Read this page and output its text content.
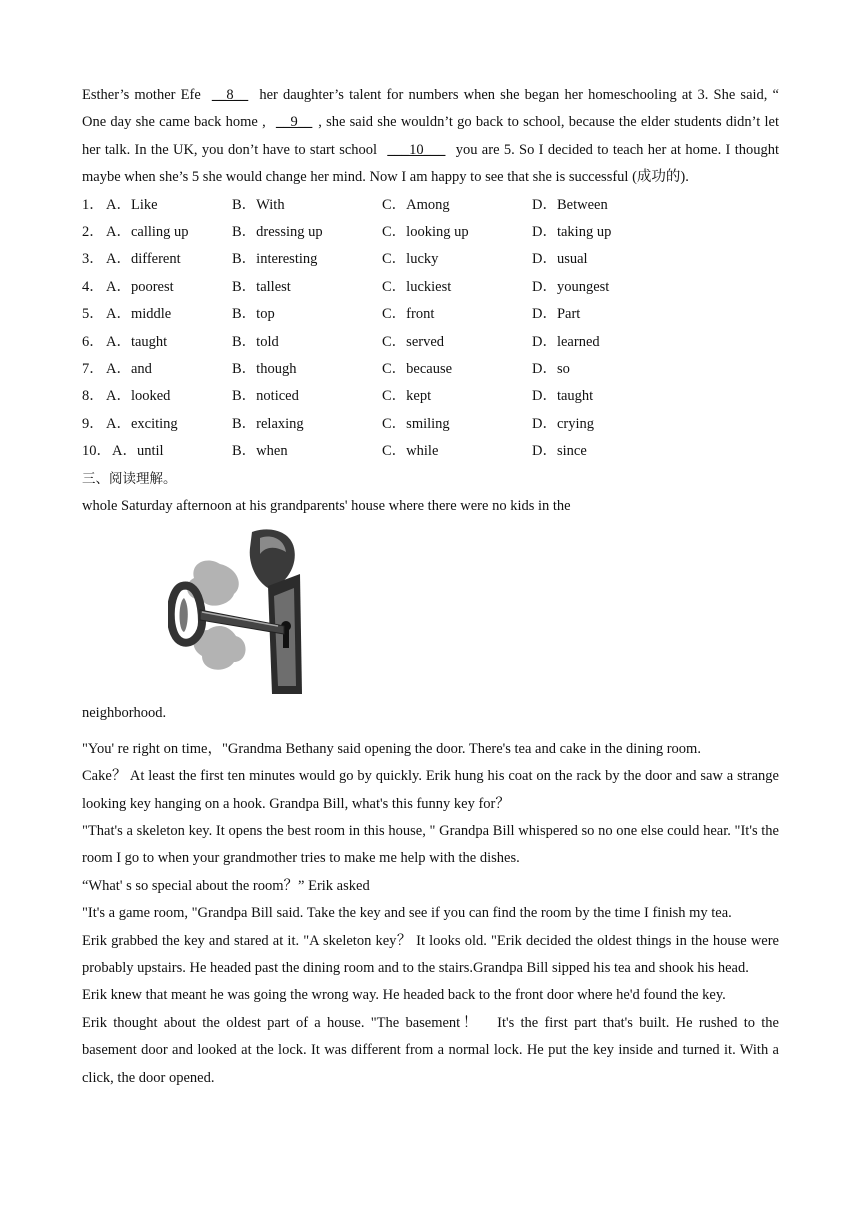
Esther’s mother Efe __8__ her daughter’s talent for numbers when she began her homeschooling at 3. She said, “ One day she came back home , __9__ , she said she wouldn’t go back to school, because the elder students didn’t let her talk. In the UK, you don’t have to start school ___10___ you are 5. So I decided to teach her at home. I thought maybe when she’s 5 she would change her mind. Now I am happy to see that she is successful (成功的).

1． A．Like	B．With	C．Among	D．Between
2． A．calling up	B．dressing up	C．looking up	D．taking up
3． A．different	B．interesting	C．lucky	D．usual
4． A．poorest	B．tallest	C．luckiest	D．youngest
5． A．middle	B．top	C．front	D．Part
6． A．taught	B．told	C．served	D．learned
7． A．and	B．though	C．because	D．so
8． A．looked	B．noticed	C．kept	D．taught
9． A．exciting	B．relaxing	C．smiling	D．crying
10． A．until	B．when	C．while	D．since
三、阅读理解。

whole Saturday afternoon at his grandparents' house where there were no kids in the

neighborhood.

"You' re right on time，"Grandma Bethany said opening the door. There's tea and cake in the dining room.

Cake？ At least the first ten minutes would go by quickly. Erik hung his coat on the rack by the door and saw a strange looking key hanging on a hook. Grandpa Bill, what's this funny key for？

"That's a skeleton key. It opens the best room in this house, " Grandpa Bill whispered so no one else could hear. "It's the room I go to when your grandmother tries to make me help with the dishes.

“What' s so special about the room？” Erik asked

"It's a game room, "Grandpa Bill said. Take the key and see if you can find the room by the time I finish my tea.

Erik grabbed the key and stared at it. "A skeleton key？ It looks old. "Erik decided the oldest things in the house were probably upstairs. He headed past the dining room and to the stairs.Grandpa Bill sipped his tea and shook his head.

Erik knew that meant he was going the wrong way. He headed back to the front door where he'd found the key.

Erik thought about the oldest part of a house. "The basement！　It's the first part that's built. He rushed to the basement door and looked at the lock. It was different from a normal lock. He put the key inside and turned it. With a click, the door opened.
